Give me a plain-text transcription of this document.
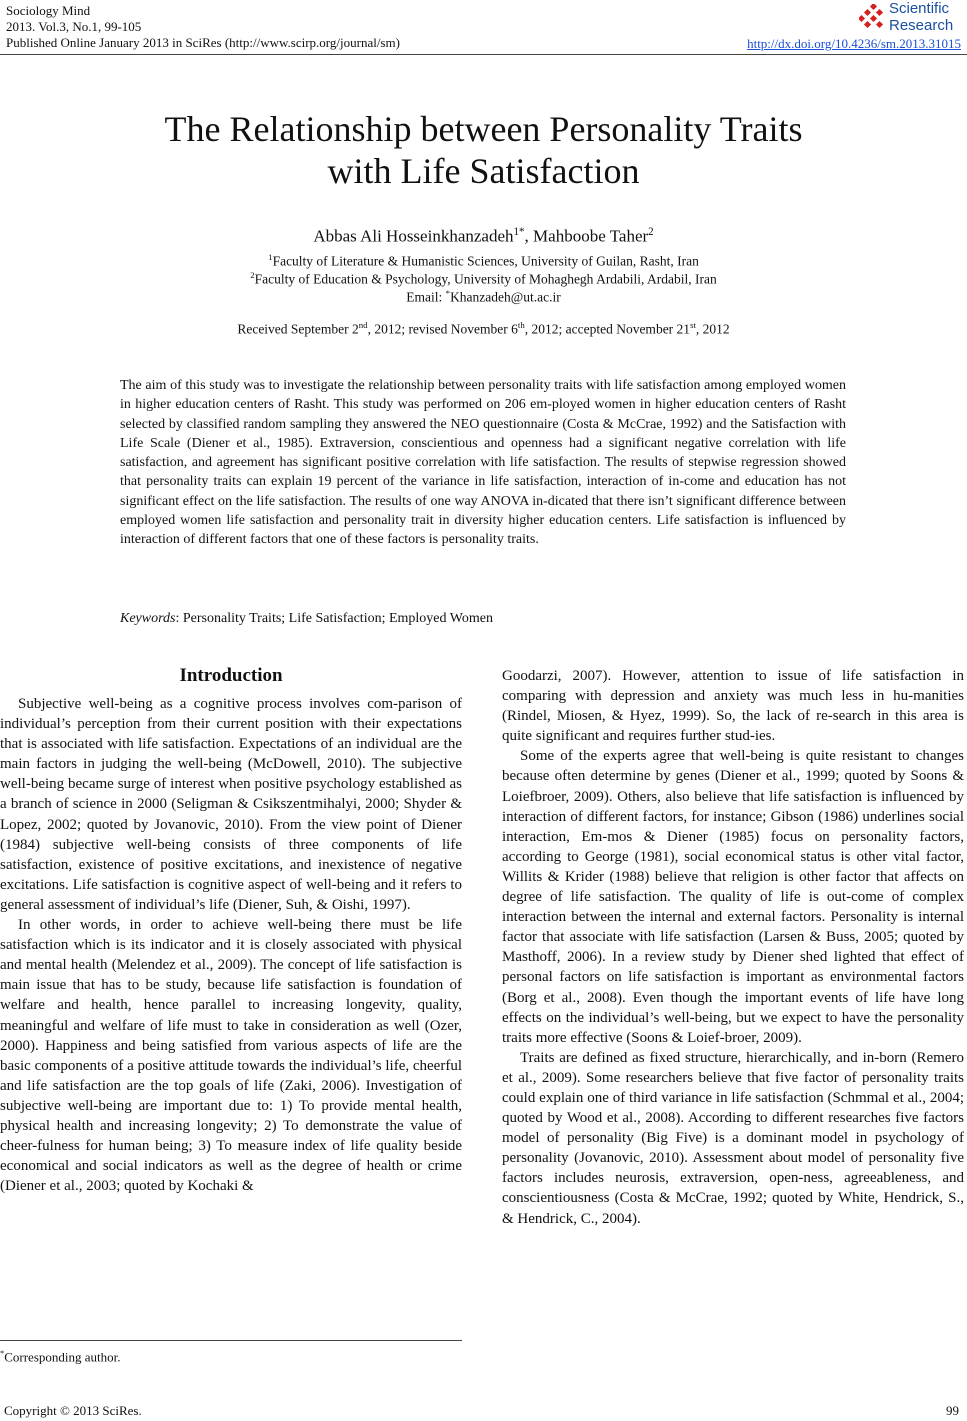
Sociology Mind
2013. Vol.3, No.1, 99-105
Published Online January 2013 in SciRes (http://www.scirp.org/journal/sm)
Scientific
Research
http://dx.doi.org/10.4236/sm.2013.31015
The Relationship between Personality Traits
with Life Satisfaction
Abbas Ali Hosseinkhanzadeh$^{1*}$, Mahboobe Taher$^2$
$^1$Faculty of Literature & Humanistic Sciences, University of Guilan, Rasht, Iran
$^2$Faculty of Education & Psychology, University of Mohaghegh Ardabili, Ardabil, Iran
Email: *Khanzadeh@ut.ac.ir
Received September 2nd, 2012; revised November 6th, 2012; accepted November 21st, 2012
The aim of this study was to investigate the relationship between personality traits with life satisfaction among employed women in higher education centers of Rasht. This study was performed on 206 em-ployed women in higher education centers of Rasht selected by classified random sampling they answered the NEO questionnaire (Costa & McCrae, 1992) and the Satisfaction with Life Scale (Diener et al., 1985). Extraversion, conscientious and openness had a significant negative correlation with life satisfaction, and agreement has significant positive correlation with life satisfaction. The results of stepwise regression showed that personality traits can explain 19 percent of the variance in life satisfaction, interaction of in-come and education has not significant effect on the life satisfaction. The results of one way ANOVA in-dicated that there isn’t significant difference between employed women life satisfaction and personality trait in diversity higher education centers. Life satisfaction is influenced by interaction of different factors that one of these factors is personality traits.
Keywords: Personality Traits; Life Satisfaction; Employed Women
Introduction

Subjective well-being as a cognitive process involves com-parison of individual’s perception from their current position with their expectations that is associated with life satisfaction. Expectations of an individual are the main factors in judging the well-being (McDowell, 2010). The subjective well-being became surge of interest when positive psychology established as a branch of science in 2000 (Seligman & Csikszentmihalyi, 2000; Shyder & Lopez, 2002; quoted by Jovanovic, 2010). From the view point of Diener (1984) subjective well-being consists of three components of life satisfaction, existence of positive excitations, and inexistence of negative excitations. Life satisfaction is cognitive aspect of well-being and it refers to general assessment of individual’s life (Diener, Suh, & Oishi, 1997).

In other words, in order to achieve well-being there must be life satisfaction which is its indicator and it is closely associated with physical and mental health (Melendez et al., 2009). The concept of life satisfaction is main issue that has to be study, because life satisfaction is foundation of welfare and health, hence parallel to increasing longevity, quality, meaningful and welfare of life must to take in consideration as well (Ozer, 2000). Happiness and being satisfied from various aspects of life are the basic components of a positive attitude towards the individual’s life, cheerful and life satisfaction are the top goals of life (Zaki, 2006). Investigation of subjective well-being are important due to: 1) To provide mental health, physical health and increasing longevity; 2) To demonstrate the value of cheer-fulness for human being; 3) To measure index of life quality beside economical and social indicators as well as the degree of health or crime (Diener et al., 2003; quoted by Kochaki &

Goodarzi, 2007). However, attention to issue of life satisfaction in comparing with depression and anxiety was much less in hu-manities (Rindel, Miosen, & Hyez, 1999). So, the lack of re-search in this area is quite significant and requires further stud-ies.

Some of the experts agree that well-being is quite resistant to changes because often determine by genes (Diener et al., 1999; quoted by Soons & Loiefbroer, 2009). Others, also believe that life satisfaction is influenced by interaction of different factors, for instance; Gibson (1986) underlines social interaction, Em-mos & Diener (1985) focus on personality factors, according to George (1981), social economical status is other vital factor, Willits & Krider (1988) believe that religion is other factor that affects on degree of life satisfaction. The quality of life is out-come of complex interaction between the internal and external factors. Personality is internal factor that associate with life satisfaction (Larsen & Buss, 2005; quoted by Masthoff, 2006). In a review study by Diener shed lighted that effect of personal factors on life satisfaction is important as environmental factors (Borg et al., 2008). Even though the important events of life have long effects on the individual’s well-being, but we expect to have the personality traits more effective (Soons & Loief-broer, 2009).

Traits are defined as fixed structure, hierarchically, and in-born (Remero et al., 2009). Some researchers believe that five factor of personality traits could explain one of third variance in life satisfaction (Schmmal et al., 2004; quoted by Wood et al., 2008). According to different researches five factors model of personality (Big Five) is a dominant model in psychology of personality (Jovanovic, 2010). Assessment about model of personality five factors includes neurosis, extraversion, open-ness, agreeableness, and conscientiousness (Costa & McCrae, 1992; quoted by White, Hendrick, S., & Hendrick, C., 2004).

*Corresponding author.
Copyright © 2013 SciRes.	99
